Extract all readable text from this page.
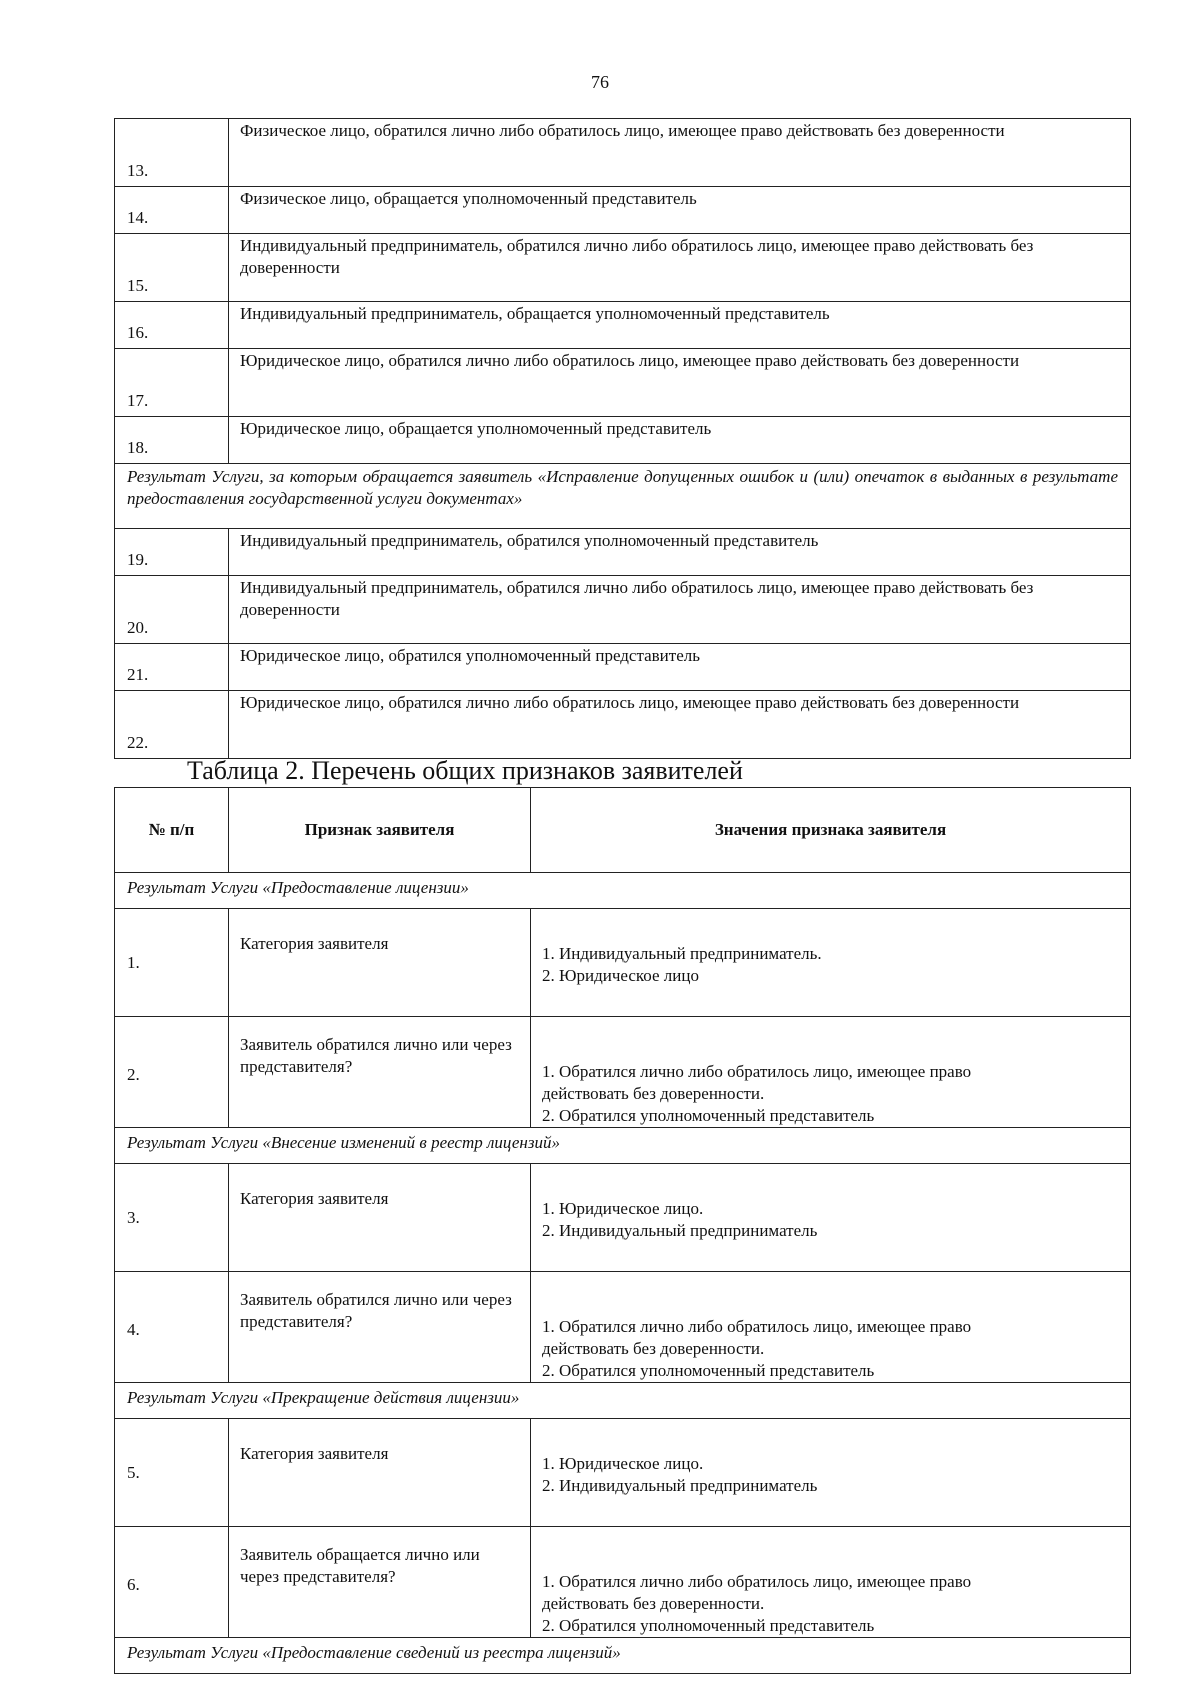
76
13.	Физическое лицо, обратился лично либо обратилось лицо, имеющее право действовать без доверенности
14.	Физическое лицо, обращается уполномоченный представитель
15.	Индивидуальный предприниматель, обратился лично либо обратилось лицо, имеющее право действовать без доверенности
16.	Индивидуальный предприниматель, обращается уполномоченный представитель
17.	Юридическое лицо, обратился лично либо обратилось лицо, имеющее право действовать без доверенности
18.	Юридическое лицо, обращается уполномоченный представитель
Результат Услуги, за которым обращается заявитель «Исправление допущенных ошибок и (или) опечаток в выданных в результате предоставления государственной услуги документах»	
19.	Индивидуальный предприниматель, обратился уполномоченный представитель
20.	Индивидуальный предприниматель, обратился лично либо обратилось лицо, имеющее право действовать без доверенности
21.	Юридическое лицо, обратился уполномоченный представитель
22.	Юридическое лицо, обратился лично либо обратилось лицо, имеющее право действовать без доверенности
Таблица 2. Перечень общих признаков заявителей
№ п/п	Признак заявителя	Значения признака заявителя
Результат Услуги «Предоставление лицензии»		
1.	Категория заявителя	1. Индивидуальный предприниматель.
2. Юридическое лицо

2.	Заявитель обратился лично или через представителя?	1. Обратился лично либо обратилось лицо, имеющее право
действовать без доверенности.
2. Обратился уполномоченный представитель

Результат Услуги «Внесение изменений в реестр лицензий»		
3.	Категория заявителя	1. Юридическое лицо.
2. Индивидуальный предприниматель

4.	Заявитель обратился лично или через представителя?	1. Обратился лично либо обратилось лицо, имеющее право
действовать без доверенности.
2. Обратился уполномоченный представитель

Результат Услуги «Прекращение действия лицензии»		
5.	Категория заявителя	1. Юридическое лицо.
2. Индивидуальный предприниматель

6.	Заявитель обращается лично или через представителя?	1. Обратился лично либо обратилось лицо, имеющее право
действовать без доверенности.
2. Обратился уполномоченный представитель

Результат Услуги «Предоставление сведений из реестра лицензий»		
